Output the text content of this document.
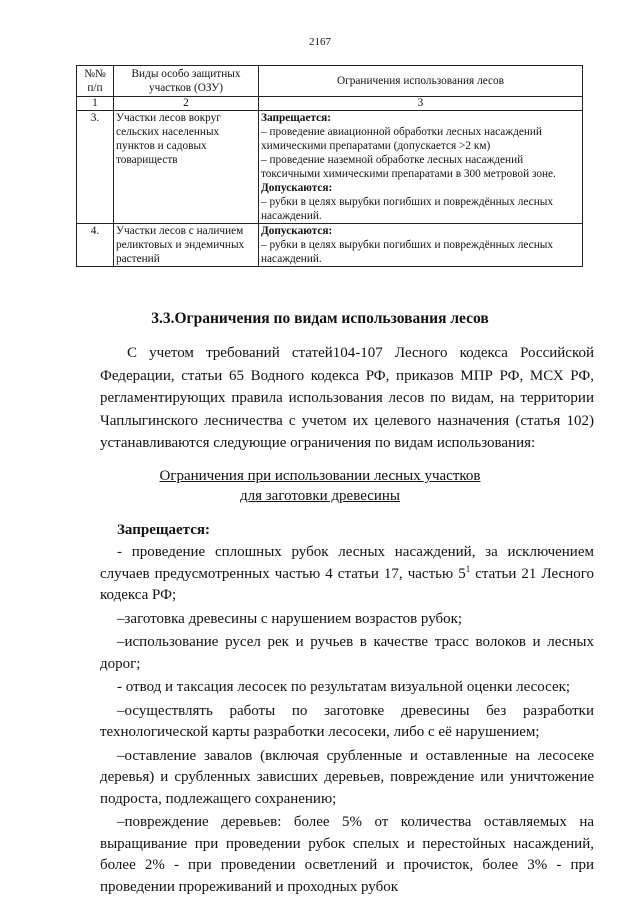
2167
№№ п/п	Виды особо защитных участков (ОЗУ)	Ограничения использования лесов
1	2	3
3.	Участки лесов вокруг сельских населенных пунктов и садовых товариществ	Запрещается:
– проведение авиационной обработки лесных насаждений химическими препаратами (допускается >2 км)
– проведение наземной обработке лесных насаждений токсичными химическими препаратами в 300 метровой зоне.
Допускаются:
– рубки в целях вырубки погибших и повреждённых лесных насаждений.

4.	Участки лесов с наличием реликтовых и эндемичных растений	Допускаются:
– рубки в целях вырубки погибших и повреждённых лесных насаждений.
3.3.Ограничения по видам использования лесов

С учетом требований статей104-107 Лесного кодекса Российской Федерации, статьи 65 Водного кодекса РФ, приказов МПР РФ, МСХ РФ, регламентирующих правила использования лесов по видам, на территории Чаплыгинского лесничества с учетом их целевого назначения (статья 102) устанавливаются следующие ограничения по видам использования:

Ограничения при использовании лесных участков
для заготовки древесины
Запрещается:

- проведение сплошных рубок лесных насаждений, за исключением случаев предусмотренных частью 4 статьи 17, частью $5^1$ статьи 21 Лесного кодекса РФ;

–заготовка древесины с нарушением возрастов рубок;

–использование русел рек и ручьев в качестве трасс волоков и лесных дорог;

- отвод и таксация лесосек по результатам визуальной оценки лесосек;

–осуществлять работы по заготовке древесины без разработки технологической карты разработки лесосеки, либо с её нарушением;

–оставление завалов (включая срубленные и оставленные на лесосеке деревья) и срубленных зависших деревьев, повреждение или уничтожение подроста, подлежащего сохранению;

–повреждение деревьев: более 5% от количества оставляемых на выращивание при проведении рубок спелых и перестойных насаждений, более 2% - при проведении осветлений и прочисток, более 3% - при проведении прореживаний и проходных рубок
